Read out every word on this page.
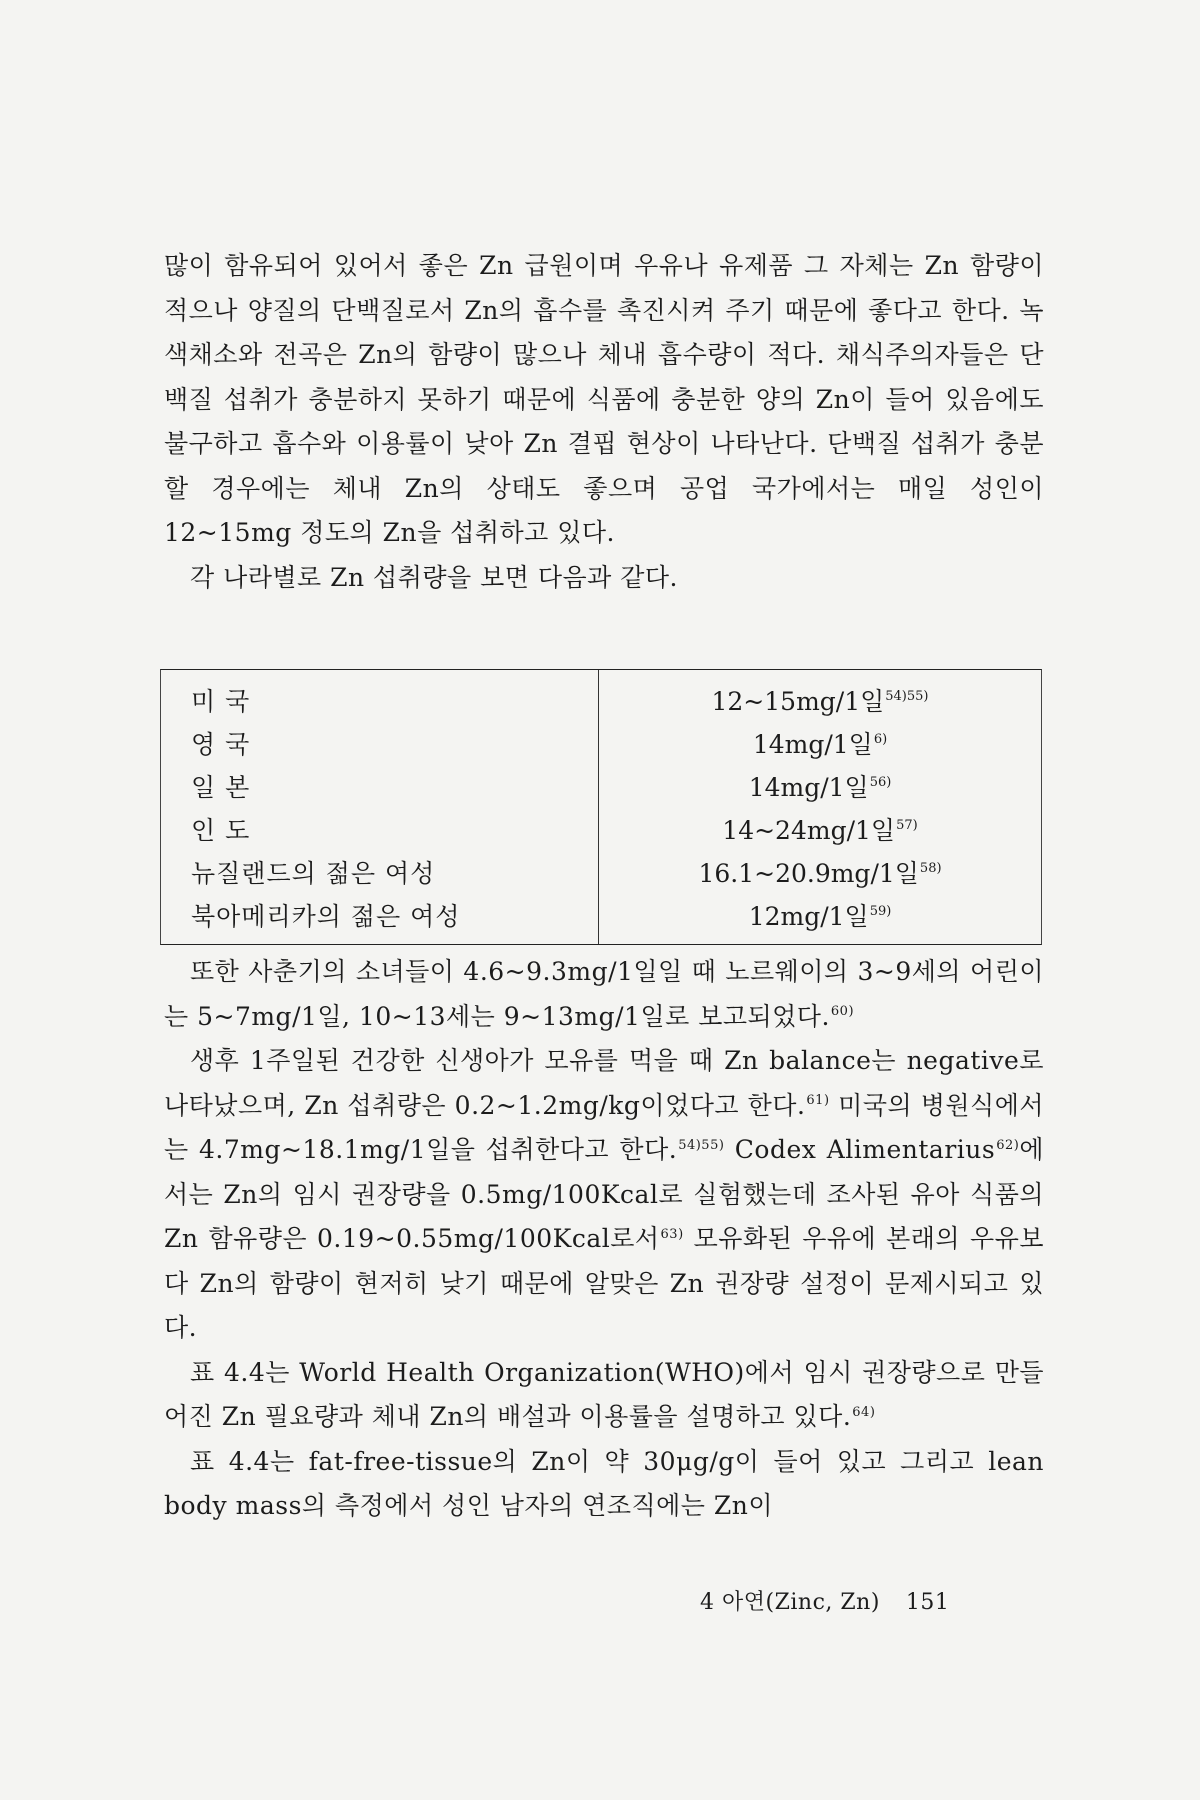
많이 함유되어 있어서 좋은 Zn 급원이며 우유나 유제품 그 자체는 Zn 함량이 적으나 양질의 단백질로서 Zn의 흡수를 촉진시켜 주기 때문에 좋다고 한다. 녹색채소와 전곡은 Zn의 함량이 많으나 체내 흡수량이 적다. 채식주의자들은 단백질 섭취가 충분하지 못하기 때문에 식품에 충분한 양의 Zn이 들어 있음에도 불구하고 흡수와 이용률이 낮아 Zn 결핍 현상이 나타난다. 단백질 섭취가 충분할 경우에는 체내 Zn의 상태도 좋으며 공업 국가에서는 매일 성인이 12~15mg 정도의 Zn을 섭취하고 있다.

각 나라별로 Zn 섭취량을 보면 다음과 같다.

미 국	12~15mg/1일$^{54)55)}$
영 국	14mg/1일$^{6)}$
일 본	14mg/1일$^{56)}$
인 도	14~24mg/1일$^{57)}$
뉴질랜드의 젊은 여성	16.1~20.9mg/1일$^{58)}$
북아메리카의 젊은 여성	12mg/1일$^{59)}$

또한 사춘기의 소녀들이 4.6~9.3mg/1일일 때 노르웨이의 3~9세의 어린이는 5~7mg/1일, 10~13세는 9~13mg/1일로 보고되었다.$^{60)}$

생후 1주일된 건강한 신생아가 모유를 먹을 때 Zn balance는 negative로 나타났으며, Zn 섭취량은 0.2~1.2mg/kg이었다고 한다.$^{61)}$ 미국의 병원식에서는 4.7mg~18.1mg/1일을 섭취한다고 한다.$^{54)55)}$ Codex Alimentarius$^{62)}$에서는 Zn의 임시 권장량을 0.5mg/100Kcal로 실험했는데 조사된 유아 식품의 Zn 함유량은 0.19~0.55mg/100Kcal로서$^{63)}$ 모유화된 우유에 본래의 우유보다 Zn의 함량이 현저히 낮기 때문에 알맞은 Zn 권장량 설정이 문제시되고 있다.

표 4.4는 World Health Organization(WHO)에서 임시 권장량으로 만들어진 Zn 필요량과 체내 Zn의 배설과 이용률을 설명하고 있다.$^{64)}$

표 4.4는 fat-free-tissue의 Zn이 약 30μg/g이 들어 있고 그리고 lean body mass의 측정에서 성인 남자의 연조직에는 Zn이

4 아연(Zinc, Zn) 151
